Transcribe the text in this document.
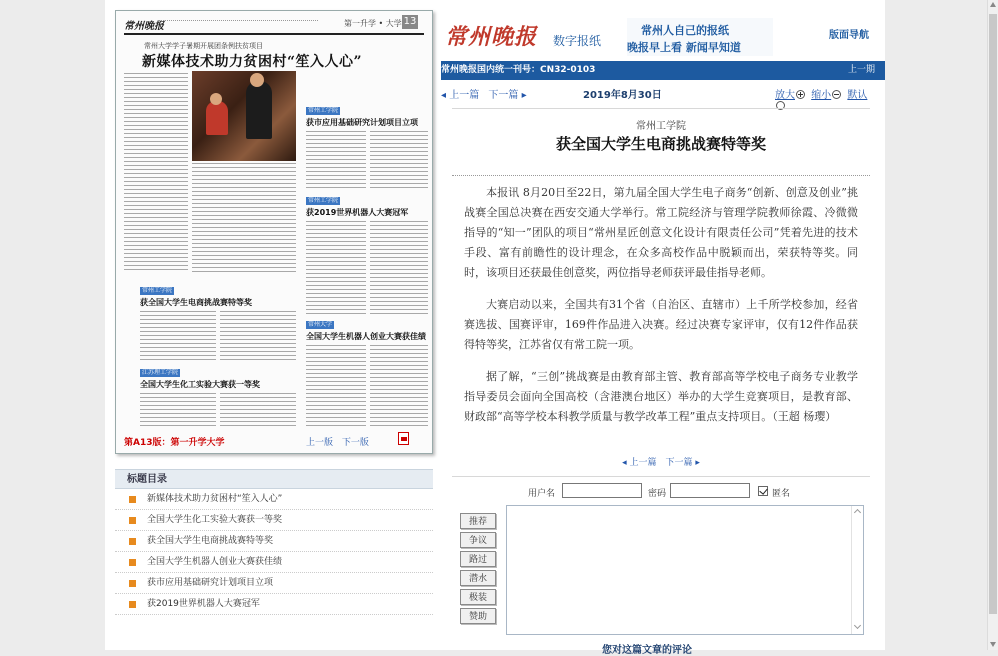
常州晚报	第一升学 • 大学 13
常州大学学子暑期开展团条例扶贫项目
新媒体技术助力贫困村“笙入人心”
常州工学院
获市应用基础研究计划项目立项
常州工学院
获2019世界机器人大赛冠军
常州工学院
获全国大学生电商挑战赛特等奖
常州大学
全国大学生机器人创业大赛获佳绩
江苏理工学院
全国大学生化工实验大赛获一等奖
第A13版：第一升学大学	上一版 下一版
标题目录
新媒体技术助力贫困村“笙入人心”
全国大学生化工实验大赛获一等奖
获全国大学生电商挑战赛特等奖
全国大学生机器人创业大赛获佳绩
获市应用基础研究计划项目立项
获2019世界机器人大赛冠军
常州晚报 数字报纸
常州人自己的报纸
晚报早上看 新闻早知道
版面导航
常州晚报国内统一刊号：CN32-0103	上一期
◂ 上一篇 下一篇 ▸	2019年8月30日	放大 缩小 默认
常州工学院
获全国大学生电商挑战赛特等奖

本报讯 8月20日至22日，第九届全国大学生电子商务“创新、创意及创业”挑战赛全国总决赛在西安交通大学举行。常工院经济与管理学院教师徐霞、冷微微指导的“知一”团队的项目“常州星匠创意文化设计有限责任公司”凭着先进的技术手段、富有前瞻性的设计理念，在众多高校作品中脱颖而出，荣获特等奖。同时，该项目还获最佳创意奖，两位指导老师获评最佳指导老师。

大赛启动以来，全国共有31个省（自治区、直辖市）上千所学校参加，经省赛选拔、国赛评审，169件作品进入决赛。经过决赛专家评审，仅有12件作品获得特等奖，江苏省仅有常工院一项。

据了解，“三创”挑战赛是由教育部主管、教育部高等学校电子商务专业教学指导委员会面向全国高校（含港澳台地区）举办的大学生竞赛项目，是教育部、财政部“高等学校本科教学质量与教学改革工程”重点支持项目。（王超 杨璎）

◂ 上一篇 下一篇 ▸
用户名	密码	匿名
推荐
争议
路过
潜水
极装
赞助
您对这篇文章的评论
